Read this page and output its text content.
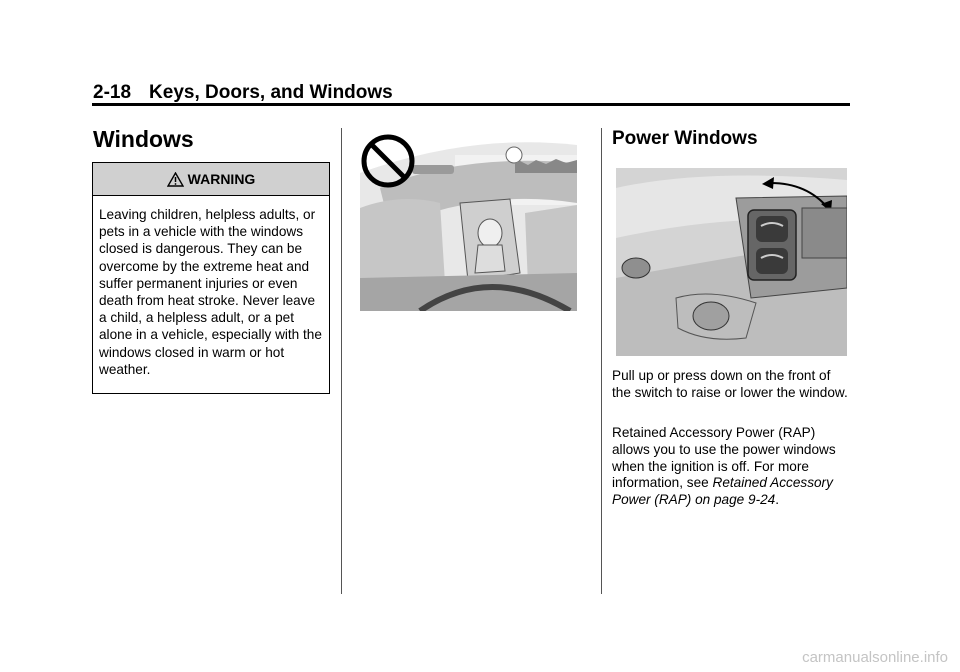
2-18 Keys, Doors, and Windows
Windows
WARNING
Leaving children, helpless adults, or pets in a vehicle with the windows closed is dangerous. They can be overcome by the extreme heat and suffer permanent injuries or even death from heat stroke. Never leave a child, a helpless adult, or a pet alone in a vehicle, especially with the windows closed in warm or hot weather.
Power Windows
Pull up or press down on the front of the switch to raise or lower the window.
Retained Accessory Power (RAP) allows you to use the power windows when the ignition is off. For more information, see Retained Accessory Power (RAP) on page 9-24.
carmanualsonline.info
